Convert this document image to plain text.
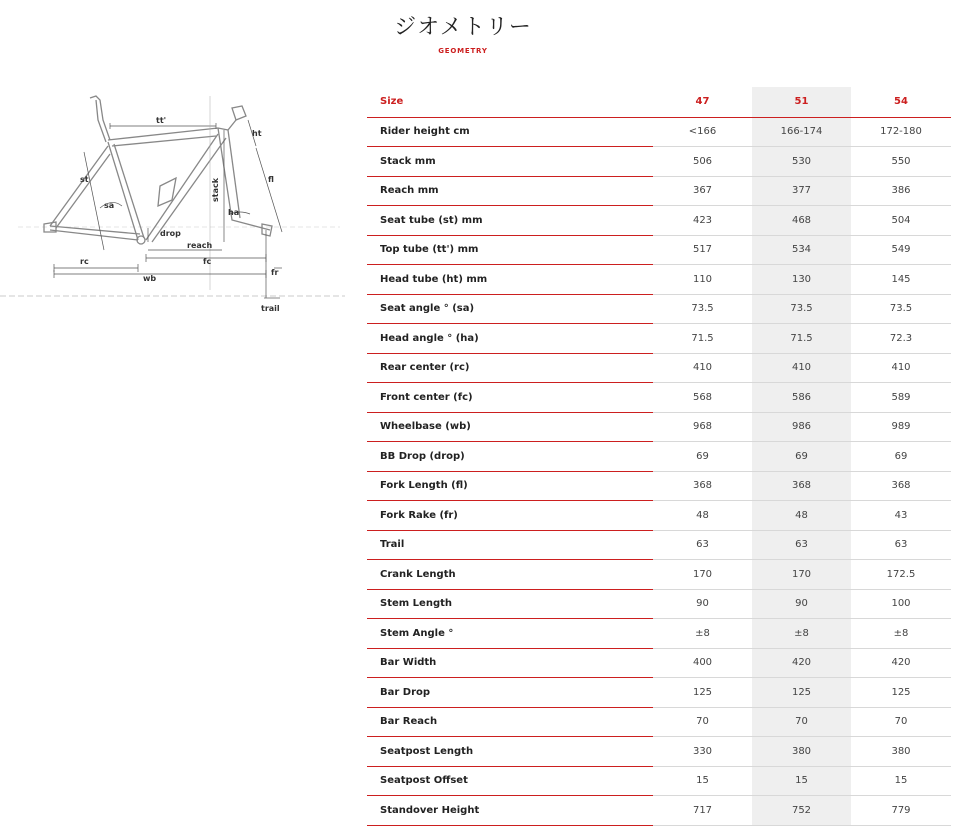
ジオメトリー
GEOMETRY
tt'
ht
st	fl
stack
sa
ha
drop
reach
rc	fc
wb
fr
trail
Size	47	51	54
Rider height cm	<166	166-174	172-180
Stack mm	506	530	550
Reach mm	367	377	386
Seat tube (st) mm	423	468	504
Top tube (tt') mm	517	534	549
Head tube (ht) mm	110	130	145
Seat angle ° (sa)	73.5	73.5	73.5
Head angle ° (ha)	71.5	71.5	72.3
Rear center (rc)	410	410	410
Front center (fc)	568	586	589
Wheelbase (wb)	968	986	989
BB Drop (drop)	69	69	69
Fork Length (fl)	368	368	368
Fork Rake (fr)	48	48	43
Trail	63	63	63
Crank Length	170	170	172.5
Stem Length	90	90	100
Stem Angle °	±8	±8	±8
Bar Width	400	420	420
Bar Drop	125	125	125
Bar Reach	70	70	70
Seatpost Length	330	380	380
Seatpost Offset	15	15	15
Standover Height	717	752	779
